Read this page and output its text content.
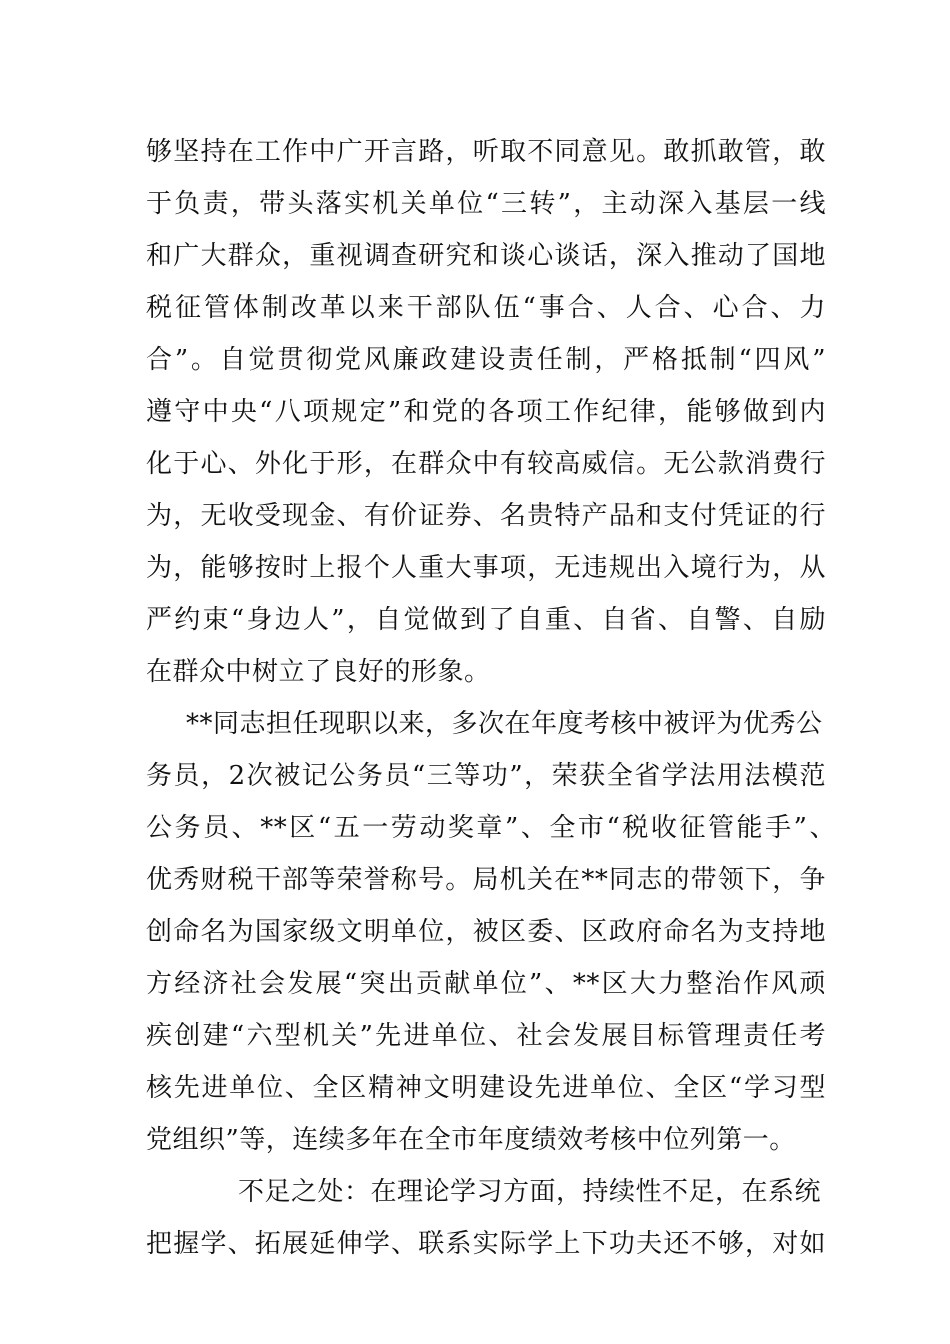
够坚持在工作中广开言路，听取不同意见。敢抓敢管，敢

于负责，带头落实机关单位“三转”，主动深入基层一线

和广大群众，重视调查研究和谈心谈话，深入推动了国地

税征管体制改革以来干部队伍“事合、人合、心合、力

合”。自觉贯彻党风廉政建设责任制，严格抵制“四风”

遵守中央“八项规定”和党的各项工作纪律，能够做到内

化于心、外化于形，在群众中有较高威信。无公款消费行

为，无收受现金、有价证券、名贵特产品和支付凭证的行

为，能够按时上报个人重大事项，无违规出入境行为，从

严约束“身边人”，自觉做到了自重、自省、自警、自励

在群众中树立了良好的形象。

**同志担任现职以来，多次在年度考核中被评为优秀公

务员，2次被记公务员“三等功”，荣获全省学法用法模范

公务员、**区“五一劳动奖章”、全市“税收征管能手”、

优秀财税干部等荣誉称号。局机关在**同志的带领下，争

创命名为国家级文明单位，被区委、区政府命名为支持地

方经济社会发展“突出贡献单位”、**区大力整治作风顽

疾创建“六型机关”先进单位、社会发展目标管理责任考

核先进单位、全区精神文明建设先进单位、全区“学习型

党组织”等，连续多年在全市年度绩效考核中位列第一。

不足之处：在理论学习方面，持续性不足，在系统

把握学、拓展延伸学、联系实际学上下功夫还不够，对如
